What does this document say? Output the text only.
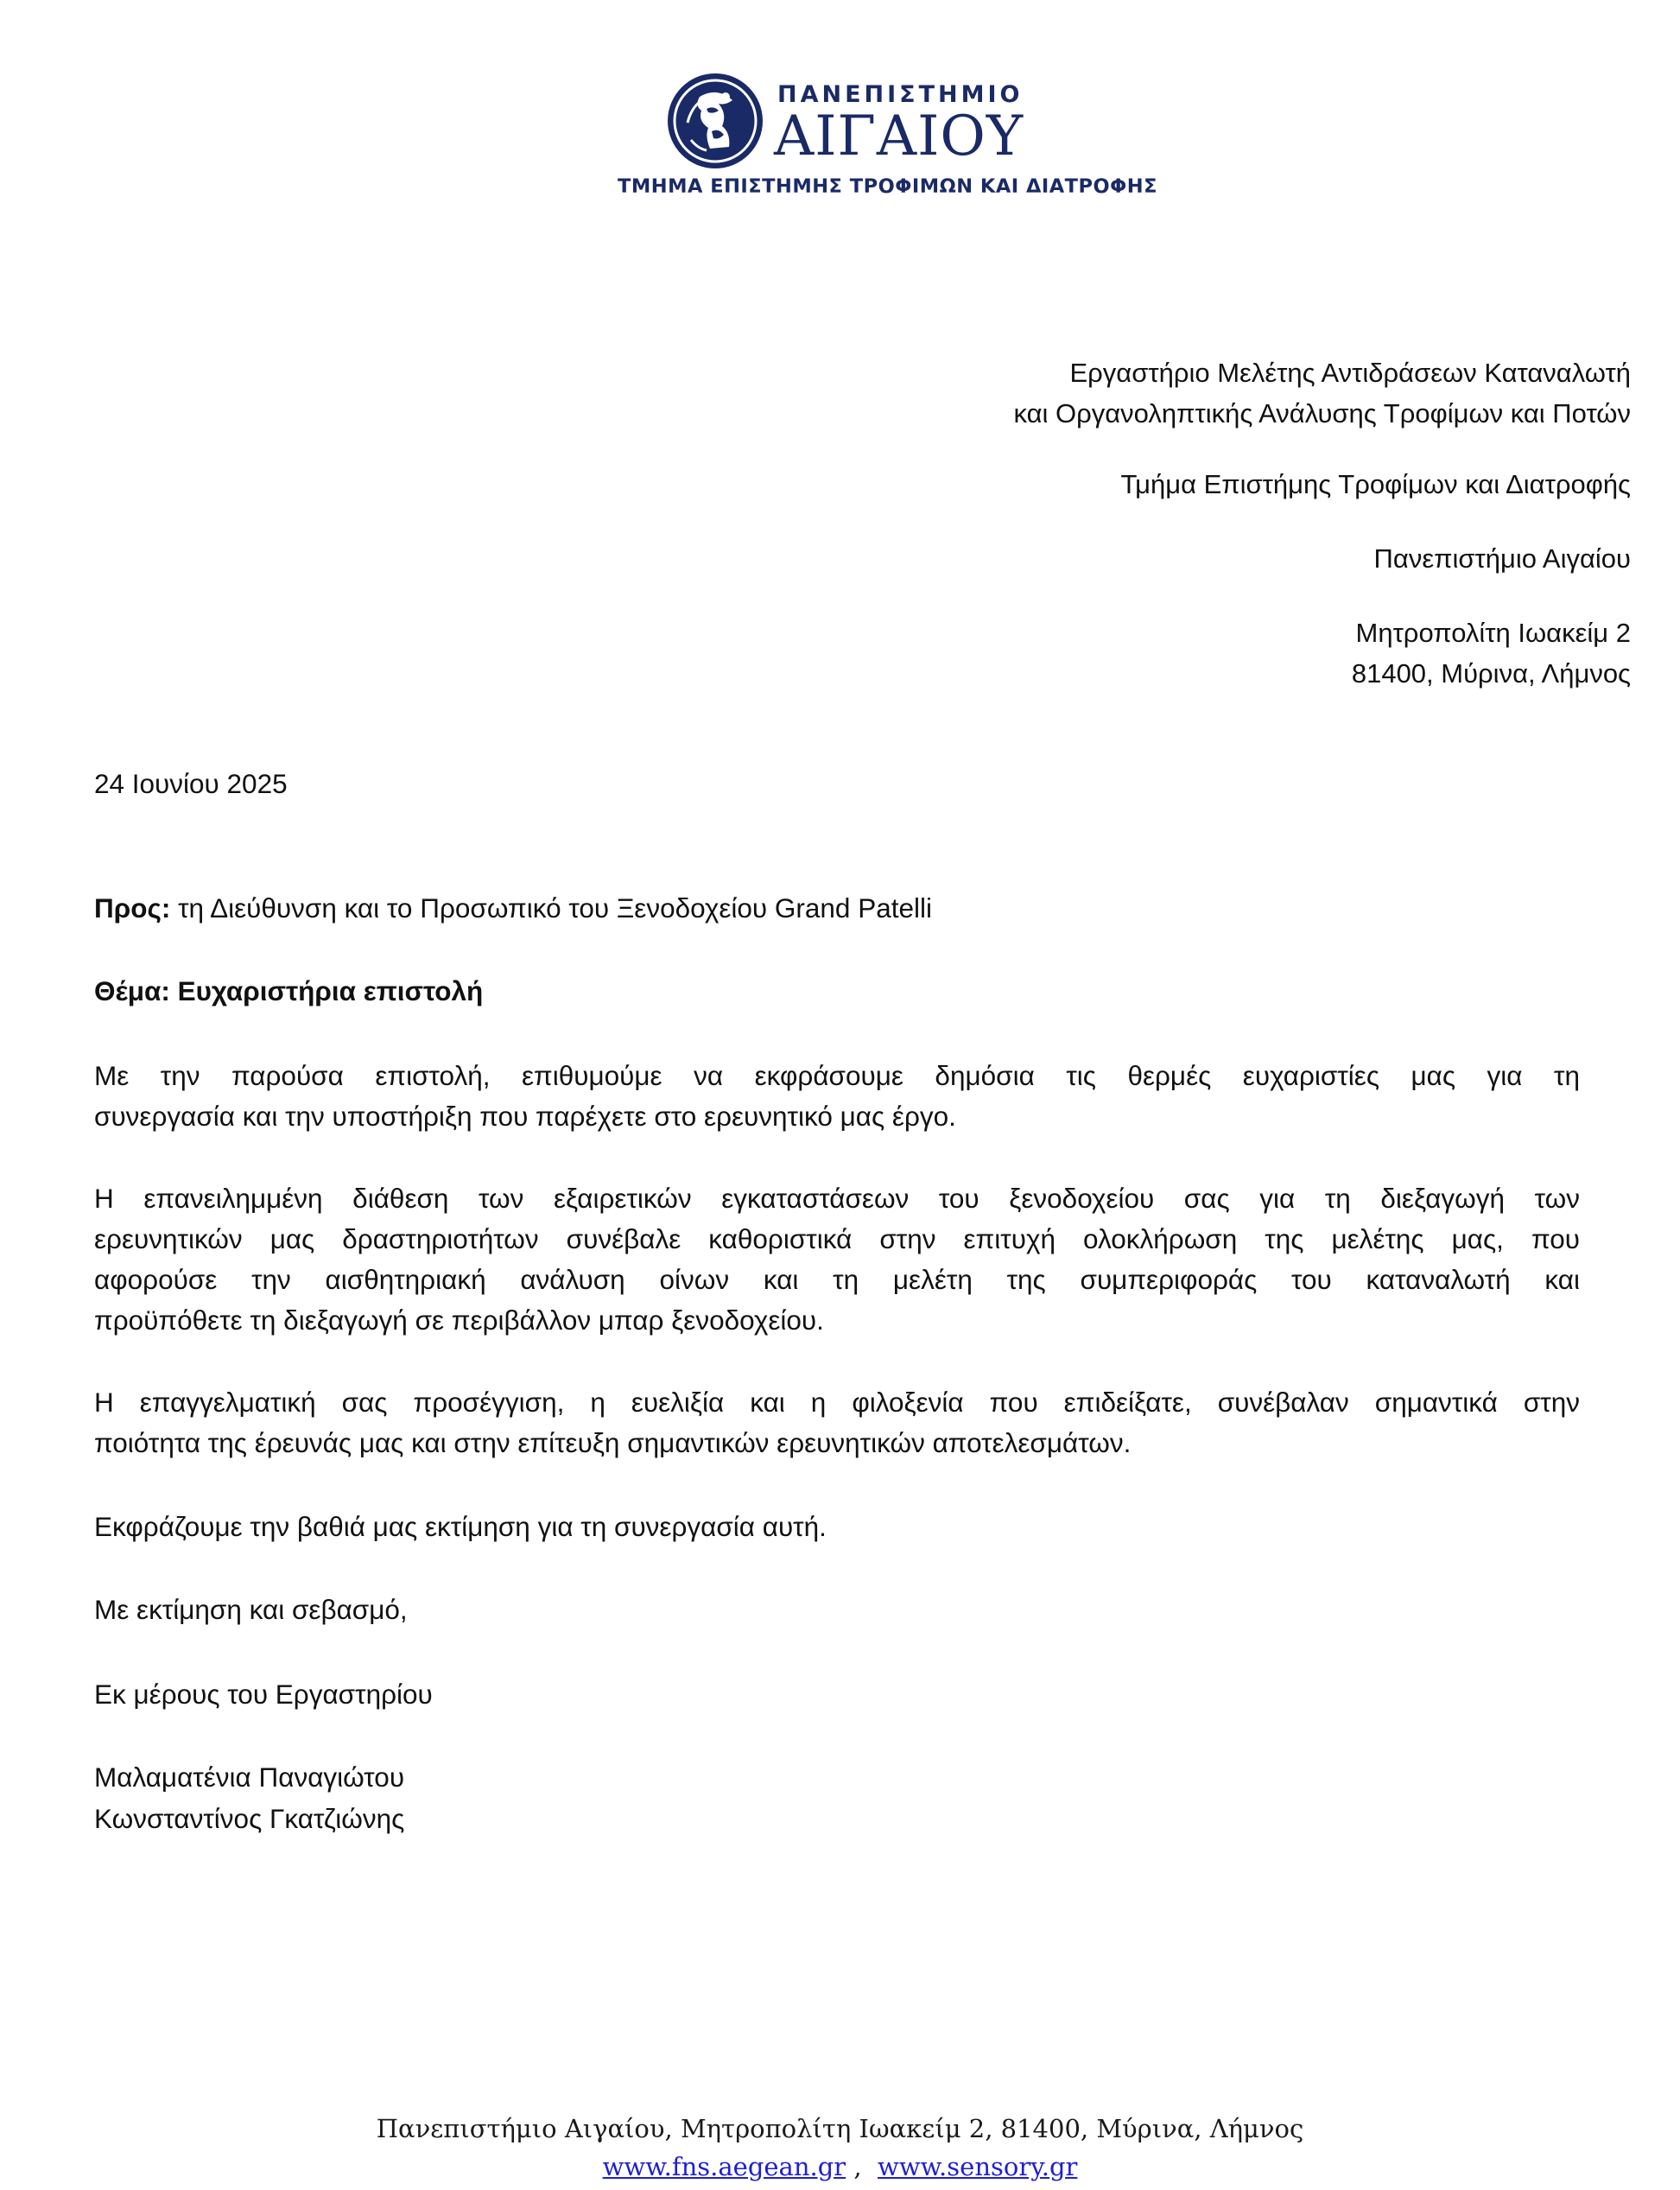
ΠΑΝΕΠΙΣΤΗΜΙΟ
ΑΙΓΑΙΟΥ
ΤΜΗΜΑ ΕΠΙΣΤΗΜΗΣ ΤΡΟΦΙΜΩΝ ΚΑΙ ΔΙΑΤΡΟΦΗΣ
Εργαστήριο Μελέτης Αντιδράσεων Καταναλωτή
και Οργανοληπτικής Ανάλυσης Τροφίμων και Ποτών
Τμήμα Επιστήμης Τροφίμων και Διατροφής
Πανεπιστήμιο Αιγαίου
Μητροπολίτη Ιωακείμ 2
81400, Μύρινα, Λήμνος
24 Ιουνίου 2025
Προς: τη Διεύθυνση και το Προσωπικό του Ξενοδοχείου Grand Patelli
Θέμα: Ευχαριστήρια επιστολή
Με την παρούσα επιστολή, επιθυμούμε να εκφράσουμε δημόσια τις θερμές ευχαριστίες μας για τη
συνεργασία και την υποστήριξη που παρέχετε στο ερευνητικό μας έργο.
Η επανειλημμένη διάθεση των εξαιρετικών εγκαταστάσεων του ξενοδοχείου σας για τη διεξαγωγή των
ερευνητικών μας δραστηριοτήτων συνέβαλε καθοριστικά στην επιτυχή ολοκλήρωση της μελέτης μας, που
αφορούσε την αισθητηριακή ανάλυση οίνων και τη μελέτη της συμπεριφοράς του καταναλωτή και
προϋπόθετε τη διεξαγωγή σε περιβάλλον μπαρ ξενοδοχείου.
Η επαγγελματική σας προσέγγιση, η ευελιξία και η φιλοξενία που επιδείξατε, συνέβαλαν σημαντικά στην
ποιότητα της έρευνάς μας και στην επίτευξη σημαντικών ερευνητικών αποτελεσμάτων.
Εκφράζουμε την βαθιά μας εκτίμηση για τη συνεργασία αυτή.
Με εκτίμηση και σεβασμό,
Εκ μέρους του Εργαστηρίου
Μαλαματένια Παναγιώτου
Κωνσταντίνος Γκατζιώνης
Πανεπιστήμιο Αιγαίου, Μητροπολίτη Ιωακείμ 2, 81400, Μύρινα, Λήμνος
www.fns.aegean.gr ,  www.sensory.gr
